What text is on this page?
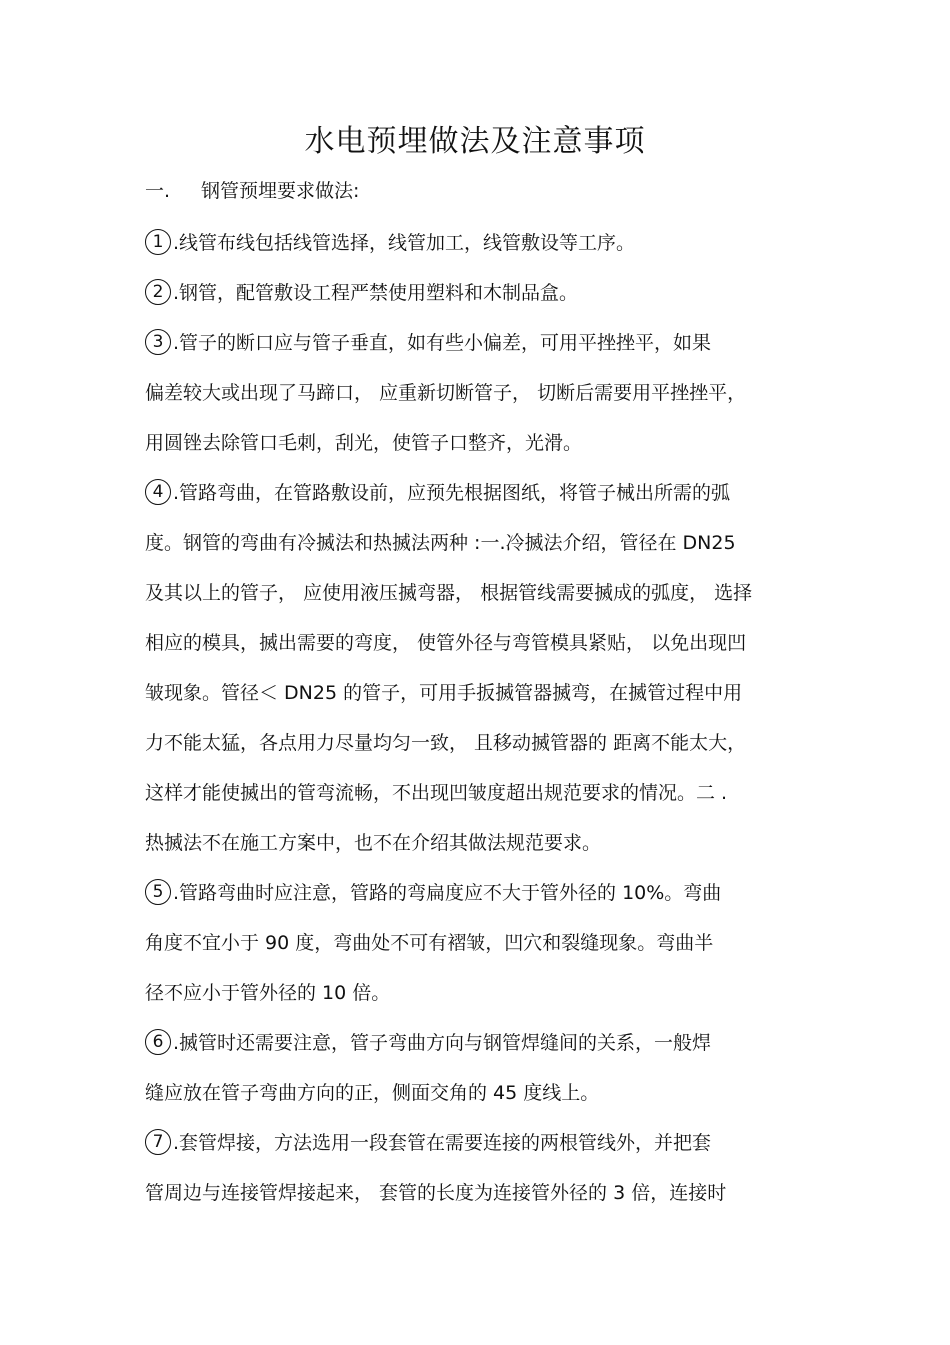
水电预埋做法及注意事项
一. 钢管预埋要求做法:
1 .线管布线包括线管选择，线管加工，线管敷设等工序。
2 .钢管，配管敷设工程严禁使用塑料和木制品盒。
3 .管子的断口应与管子垂直，如有些小偏差，可用平挫挫平，如果
偏差较大或出现了马蹄口， 应重新切断管子， 切断后需要用平挫挫平，
用圆锉去除管口毛刺，刮光，使管子口整齐，光滑。
4 .管路弯曲，在管路敷设前，应预先根据图纸，将管子械出所需的弧
度。钢管的弯曲有冷搣法和热搣法两种 :一.冷搣法介绍，管径在 DN25
及其以上的管子， 应使用液压搣弯器， 根据管线需要搣成的弧度， 选择
相应的模具，搣出需要的弯度， 使管外径与弯管模具紧贴， 以免出现凹
皱现象。管径＜ DN25 的管子，可用手扳搣管器搣弯，在搣管过程中用
力不能太猛，各点用力尽量均匀一致， 且移动搣管器的 距离不能太大，
这样才能使搣出的管弯流畅，不出现凹皱度超出规范要求的情况。二 .
热搣法不在施工方案中，也不在介绍其做法规范要求。
5 .管路弯曲时应注意，管路的弯扁度应不大于管外径的 10%。弯曲
角度不宜小于 90 度，弯曲处不可有褶皱，凹穴和裂缝现象。弯曲半
径不应小于管外径的 10 倍。
6 .搣管时还需要注意，管子弯曲方向与钢管焊缝间的关系，一般焊
缝应放在管子弯曲方向的正，侧面交角的 45 度线上。
7 .套管焊接，方法选用一段套管在需要连接的两根管线外，并把套
管周边与连接管焊接起来， 套管的长度为连接管外径的 3 倍，连接时
